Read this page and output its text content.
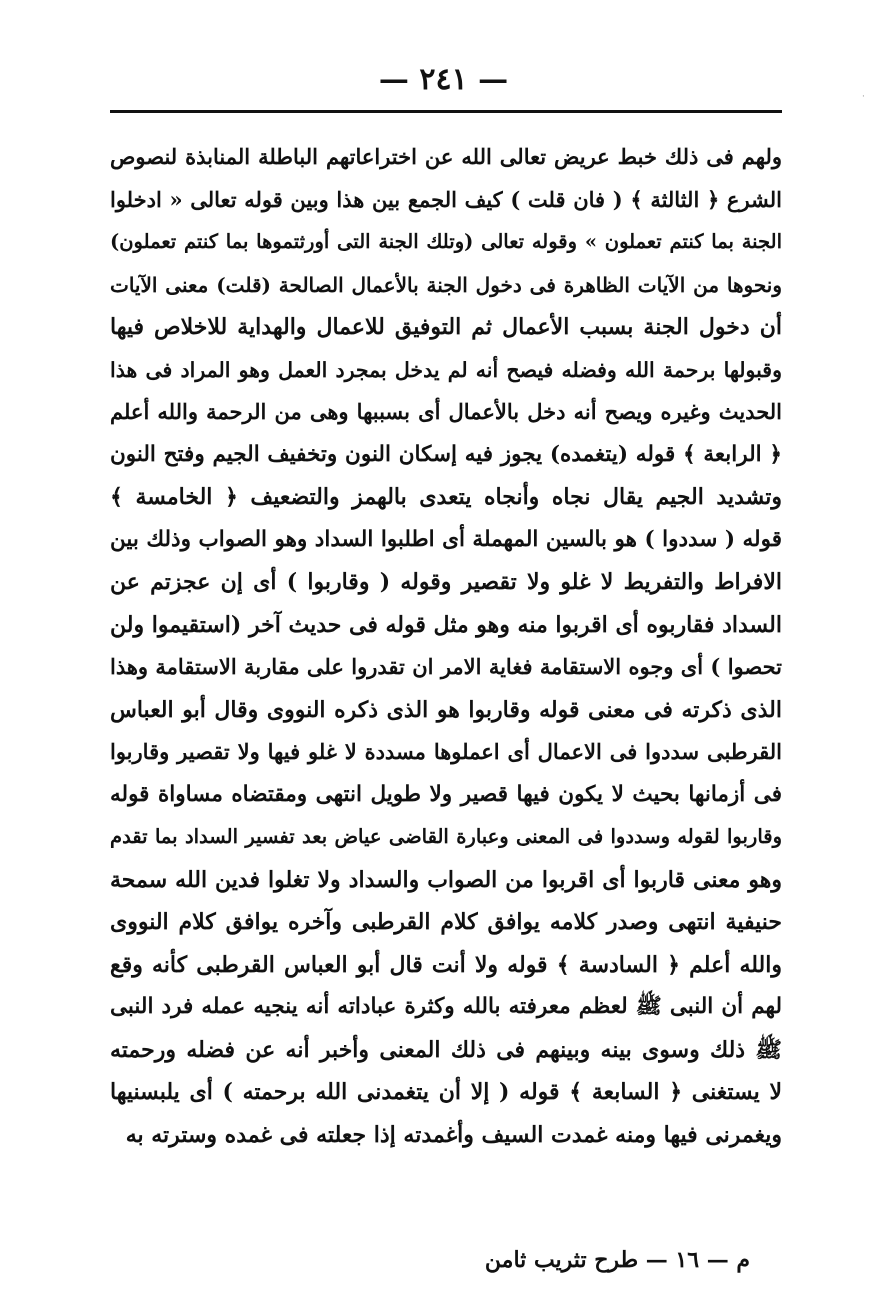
— ٢٤١ —	·
ولهم فى ذلك خبط عريض تعالى الله عن اختراعاتهم الباطلة المنابذة لنصوص
الشرع ﴿ الثالثة ﴾ ( فان قلت ) كيف الجمع بين هذا وبين قوله تعالى « ادخلوا
الجنة بما كنتم تعملون » وقوله تعالى (وتلك الجنة التى أورثتموها بما كنتم تعملون)
ونحوها من الآيات الظاهرة فى دخول الجنة بالأعمال الصالحة (قلت) معنى الآيات
أن دخول الجنة بسبب الأعمال ثم التوفيق للاعمال والهداية للاخلاص فيها
وقبولها برحمة الله وفضله فيصح أنه لم يدخل بمجرد العمل وهو المراد فى هذا
الحديث وغيره ويصح أنه دخل بالأعمال أى بسببها وهى من الرحمة والله أعلم
﴿ الرابعة ﴾ قوله (يتغمده) يجوز فيه إسكان النون وتخفيف الجيم وفتح النون
وتشديد الجيم يقال نجاه وأنجاه يتعدى بالهمز والتضعيف ﴿ الخامسة ﴾
قوله ( سددوا ) هو بالسين المهملة أى اطلبوا السداد وهو الصواب وذلك بين
الافراط والتفريط لا غلو ولا تقصير وقوله ( وقاربوا ) أى إن عجزتم عن
السداد فقاربوه أى اقربوا منه وهو مثل قوله فى حديث آخر (استقيموا ولن
تحصوا ) أى وجوه الاستقامة فغاية الامر ان تقدروا على مقاربة الاستقامة وهذا
الذى ذكرته فى معنى قوله وقاربوا هو الذى ذكره النووى وقال أبو العباس
القرطبى سددوا فى الاعمال أى اعملوها مسددة لا غلو فيها ولا تقصير وقاربوا
فى أزمانها بحيث لا يكون فيها قصير ولا طويل انتهى ومقتضاه مساواة قوله
وقاربوا لقوله وسددوا فى المعنى وعبارة القاضى عياض بعد تفسير السداد بما تقدم
وهو معنى قاربوا أى اقربوا من الصواب والسداد ولا تغلوا فدين الله سمحة
حنيفية انتهى وصدر كلامه يوافق كلام القرطبى وآخره يوافق كلام النووى
والله أعلم ﴿ السادسة ﴾ قوله ولا أنت قال أبو العباس القرطبى كأنه وقع
لهم أن النبى ﷺ لعظم معرفته بالله وكثرة عباداته أنه ينجيه عمله فرد النبى
ﷺ ذلك وسوى بينه وبينهم فى ذلك المعنى وأخبر أنه عن فضله ورحمته
لا يستغنى ﴿ السابعة ﴾ قوله ( إلا أن يتغمدنى الله برحمته ) أى يلبسنيها
ويغمرنى فيها ومنه غمدت السيف وأغمدته إذا جعلته فى غمده وسترته به
م — ١٦ — طرح تثريب ثامن
